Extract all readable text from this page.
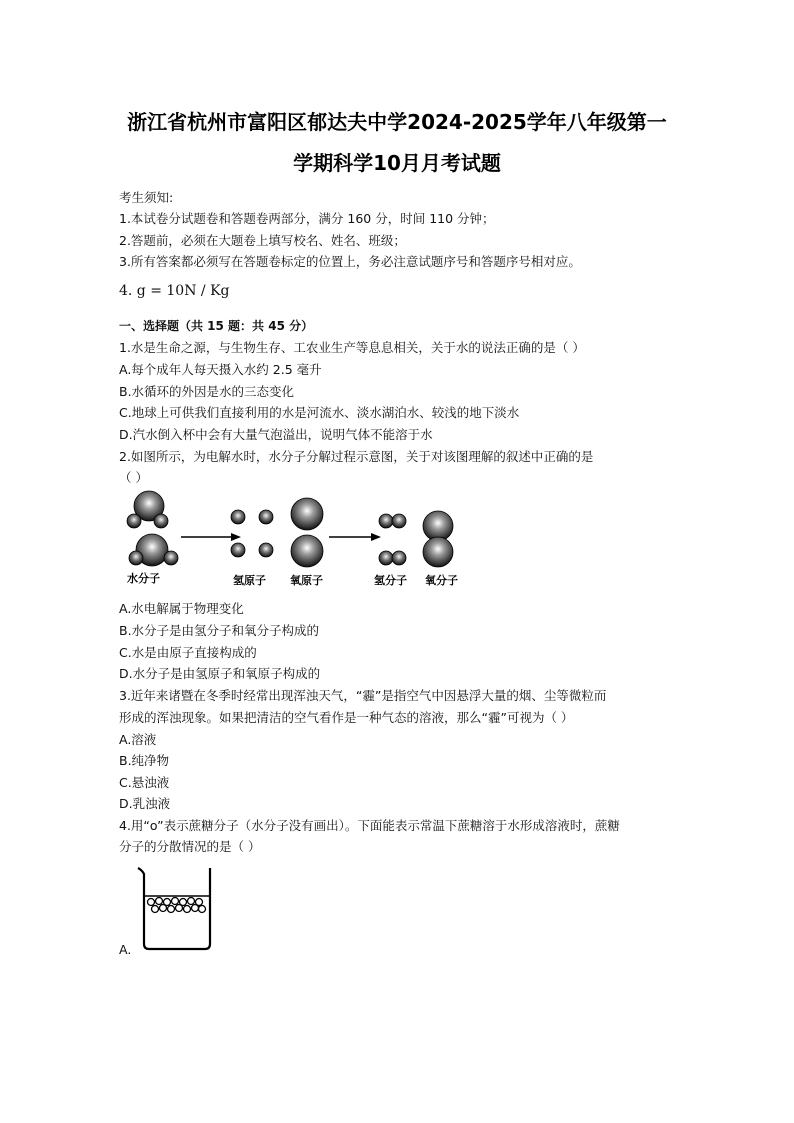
浙江省杭州市富阳区郁达夫中学2024-2025学年八年级第一
学期科学10月月考试题
考生须知:
1.本试卷分试题卷和答题卷两部分，满分 160 分，时间 110 分钟；
2.答题前，必须在大题卷上填写校名、姓名、班级；
3.所有答案都必须写在答题卷标定的位置上，务必注意试题序号和答题序号相对应。
4. g = 10N / Kg
一、选择题（共 15 题：共 45 分）
1.水是生命之源，与生物生存、工农业生产等息息相关，关于水的说法正确的是（ ）
A.每个成年人每天摄入水约 2.5 毫升
B.水循环的外因是水的三态变化
C.地球上可供我们直接利用的水是河流水、淡水湖泊水、较浅的地下淡水
D.汽水倒入杯中会有大量气泡溢出，说明气体不能溶于水
2.如图所示，为电解水时，水分子分解过程示意图，关于对该图理解的叙述中正确的是
（ ）
水分子	氢原子 氧原子	氢分子 氧分子
A.水电解属于物理变化
B.水分子是由氢分子和氧分子构成的
C.水是由原子直接构成的
D.水分子是由氢原子和氧原子构成的
3.近年来诸暨在冬季时经常出现浑浊天气，“霾”是指空气中因悬浮大量的烟、尘等微粒而
形成的浑浊现象。如果把清洁的空气看作是一种气态的溶液，那么“霾”可视为（ ）
A.溶液
B.纯净物
C.悬浊液
D.乳浊液
4.用“o”表示蔗糖分子（水分子没有画出）。下面能表示常温下蔗糖溶于水形成溶液时，蔗糖
分子的分散情况的是（ ）
A.
